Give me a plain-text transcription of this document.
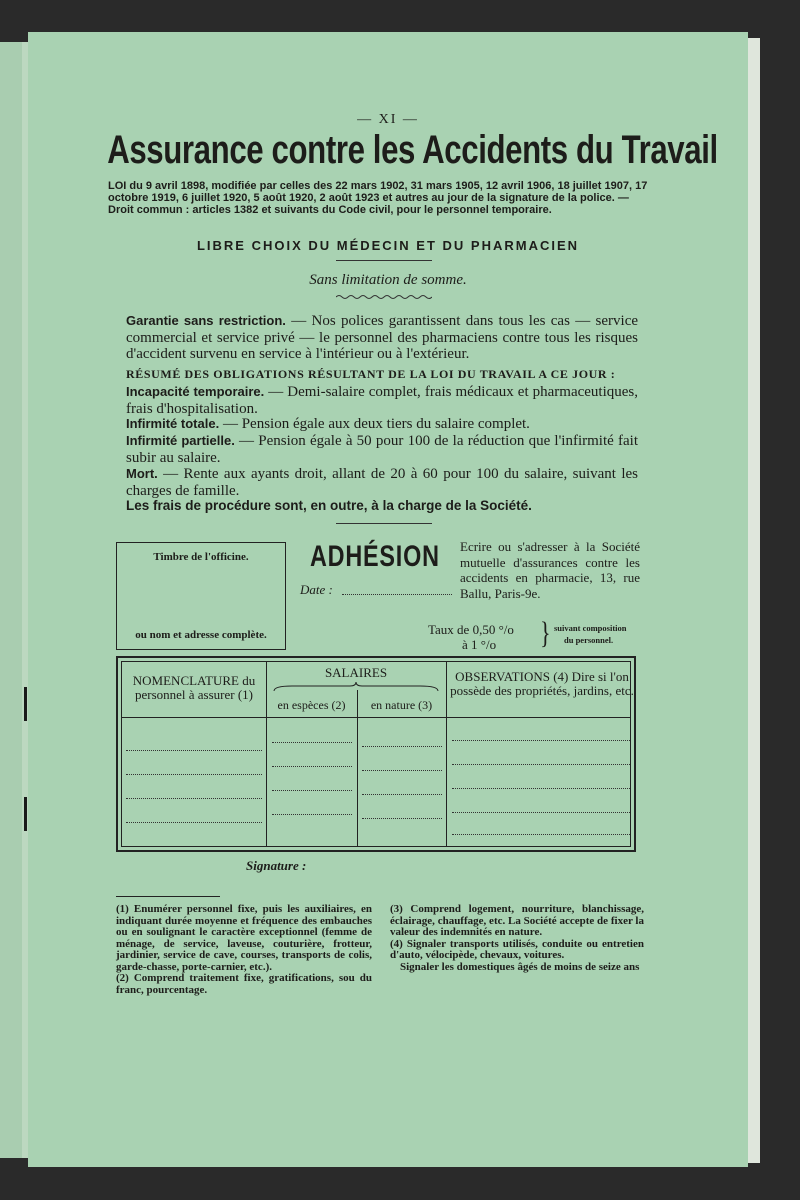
— XI —
Assurance contre les Accidents du Travail
LOI du 9 avril 1898, modifiée par celles des 22 mars 1902, 31 mars 1905, 12 avril 1906, 18 juillet 1907, 17 octobre 1919, 6 juillet 1920, 5 août 1920, 2 août 1923 et autres au jour de la signature de la police. — Droit commun : articles 1382 et suivants du Code civil, pour le personnel temporaire.
LIBRE CHOIX DU MÉDECIN ET DU PHARMACIEN
Sans limitation de somme.
Garantie sans restriction. — Nos polices garantissent dans tous les cas — service commercial et service privé — le personnel des pharmaciens contre tous les risques d'accident survenu en service à l'intérieur ou à l'extérieur.
RÉSUMÉ DES OBLIGATIONS RÉSULTANT DE LA LOI DU TRAVAIL A CE JOUR :
Incapacité temporaire. — Demi-salaire complet, frais médicaux et pharmaceutiques, frais d'hospitalisation.
Infirmité totale. — Pension égale aux deux tiers du salaire complet.
Infirmité partielle. — Pension égale à 50 pour 100 de la réduction que l'infirmité fait subir au salaire.
Mort. — Rente aux ayants droit, allant de 20 à 60 pour 100 du salaire, suivant les charges de famille.
Les frais de procédure sont, en outre, à la charge de la Société.
Timbre de l'officine.
ou nom et adresse complète.
ADHÉSION
Date :
Ecrire ou s'adresser à la Société mutuelle d'assurances contre les accidents en pharmacie, 13, rue Ballu, Paris-9e.
Taux de 0,50 °/o
à 1 °/o } suivant composition
du personnel.
NOMENCLATURE du personnel à assurer (1)
SALAIRES
en espèces (2)	en nature (3)
OBSERVATIONS (4) Dire si l'on possède des propriétés, jardins, etc.
Signature :

(1) Enumérer personnel fixe, puis les auxiliaires, en indiquant durée moyenne et fréquence des embauches ou en soulignant le caractère exceptionnel (femme de ménage, de service, laveuse, couturière, frotteur, jardinier, service de cave, courses, transports de colis, garde-chasse, porte-carnier, etc.).

(2) Comprend traitement fixe, gratifications, sou du franc, pourcentage.

(3) Comprend logement, nourriture, blanchissage, éclairage, chauffage, etc. La Société accepte de fixer la valeur des indemnités en nature.

(4) Signaler transports utilisés, conduite ou entretien d'auto, vélocipède, chevaux, voitures.

Signaler les domestiques âgés de moins de seize ans
